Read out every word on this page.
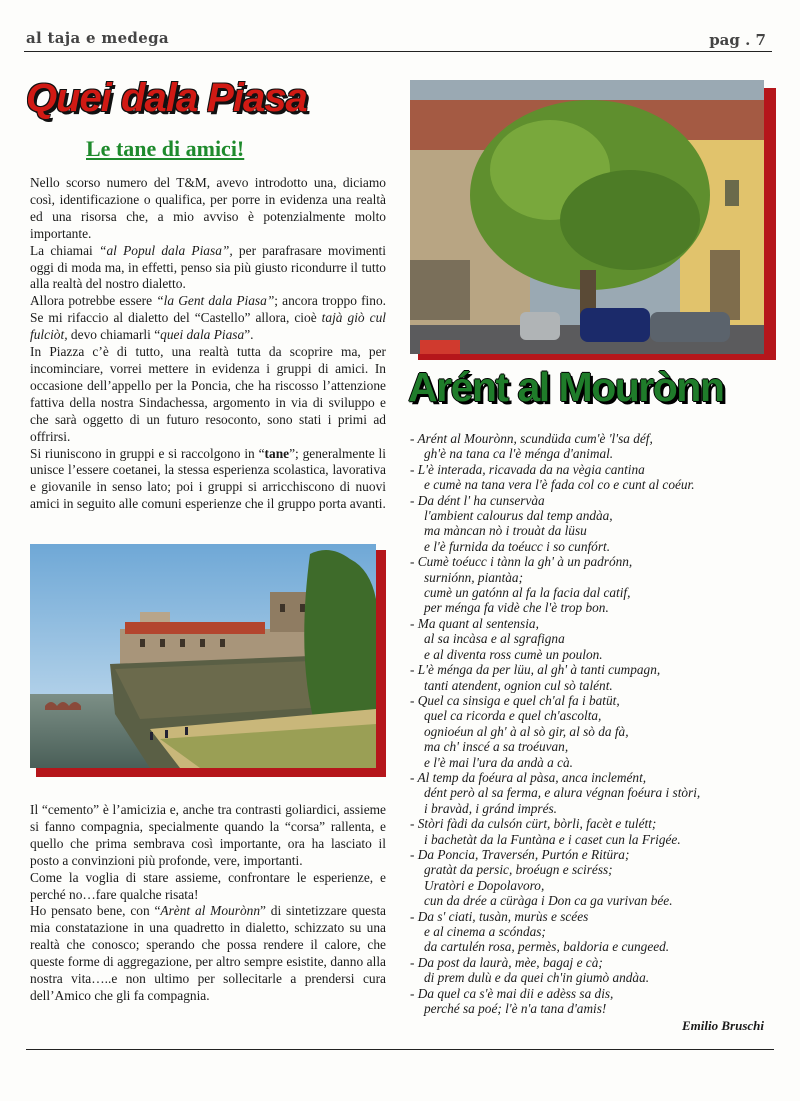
al taja e medega	pag . 7
Quei dala Piasa
Le tane di amici!

Nello scorso numero del T&M, avevo introdotto una, diciamo così, identificazione o qualifica, per porre in evidenza una realtà ed una risorsa che, a mio avviso è potenzialmente molto importante.

La chiamai “al Popul dala Piasa”, per parafrasare movimenti oggi di moda ma, in effetti, penso sia più giusto ricondurre il tutto alla realtà del nostro dialetto.

Allora potrebbe essere “la Gent dala Piasa”; ancora troppo fino. Se mi rifaccio al dialetto del “Castello” allora, cioè tajà giò cul fulciòt, devo chiamarli “quei dala Piasa”.

In Piazza c’è di tutto, una realtà tutta da scoprire ma, per incominciare, vorrei mettere in evidenza i gruppi di amici. In occasione dell’appello per la Poncia, che ha riscosso l’attenzione fattiva della nostra Sindachessa, argomento in via di sviluppo e che sarà oggetto di un futuro resoconto, sono stati i primi ad offrirsi.

Si riuniscono in gruppi e si raccolgono in “tane”; generalmente li unisce l’essere coetanei, la stessa esperienza scolastica, lavorativa e giovanile in senso lato; poi i gruppi si arricchiscono di nuovi amici in seguito alle comuni esperienze che il gruppo porta avanti.

Il “cemento” è l’amicizia e, anche tra contrasti goliardici, assieme si fanno compagnia, specialmente quando la “corsa” rallenta, e quello che prima sembrava così importante, ora ha lasciato il posto a convinzioni più profonde, vere, importanti.

Come la voglia di stare assieme, confrontare le esperienze, e perché no…fare qualche risata!

Ho pensato bene, con “Arènt al Mourònn” di sintetizzare questa mia constatazione in una quadretto in dialetto, schizzato su una realtà che conosco; sperando che possa rendere il calore, che queste forme di aggregazione, per altro sempre esistite, danno alla nostra vita…..e non ultimo per sollecitarle a prendersi cura dell’Amico che gli fa compagnia.

Arént al Mourònn
- Arént al Mourònn, scundüda cum'è 'l'sa déf,
gh'è na tana ca l'è ménga d'animal.
- L'è interada, ricavada da na vègia cantina
e cumè na tana vera l'è fada col co e cunt al coéur.
- Da dént l' ha cunservàa
l'ambient calourus dal temp andàa,
ma màncan nò i trouàt da lüsu
e l'è furnida da toéucc i so cunfórt.
- Cumè toéucc i tànn la gh' à un padrónn,
surniónn, piantàa;
cumè un gatónn al fa la facia dal catif,
per ménga fa vidè che l'è trop bon.
- Ma quant al sentensia,
al sa incàsa e al sgrafigna
e al diventa ross cumè un poulon.
- L'è ménga da per lüu, al gh' à tanti cumpagn,
tanti atendent, ognion cul sò talént.
- Quel ca sinsiga e quel ch'al fa i batüt,
quel ca ricorda e quel ch'ascolta,
ognioéun al gh' à al sò gir, al sò da fà,
ma ch' inscé a sa troéuvan,
e l'è mai l'ura da andà a cà.
- Al temp da foéura al pàsa, anca inclemént,
dént però al sa ferma, e alura végnan foéura i stòri,
i bravàd, i gránd imprés.
- Stòri fàdi da culsón cürt, bòrli, facèt e tulétt;
i bachetàt da la Funtàna e i caset cun la Frigée.
- Da Poncia, Traversén, Purtón e Ritüra;
gratàt da persic, broéugn e sciréss;
Uratòri e Dopolavoro,
cun da drée a cüràga i Don ca ga vurivan bée.
- Da s' ciati, tusàn, murùs e scées
e al cinema a scóndas;
da cartulén rosa, permès, baldoria e cungeed.
- Da post da laurà, mèe, bagaj e cà;
di prem dulù e da quei ch'in giumò andàa.
- Da quel ca s'è mai dii e adèss sa dis,
perché sa poé; l'è n'a tana d'amis!
Emilio Bruschi
